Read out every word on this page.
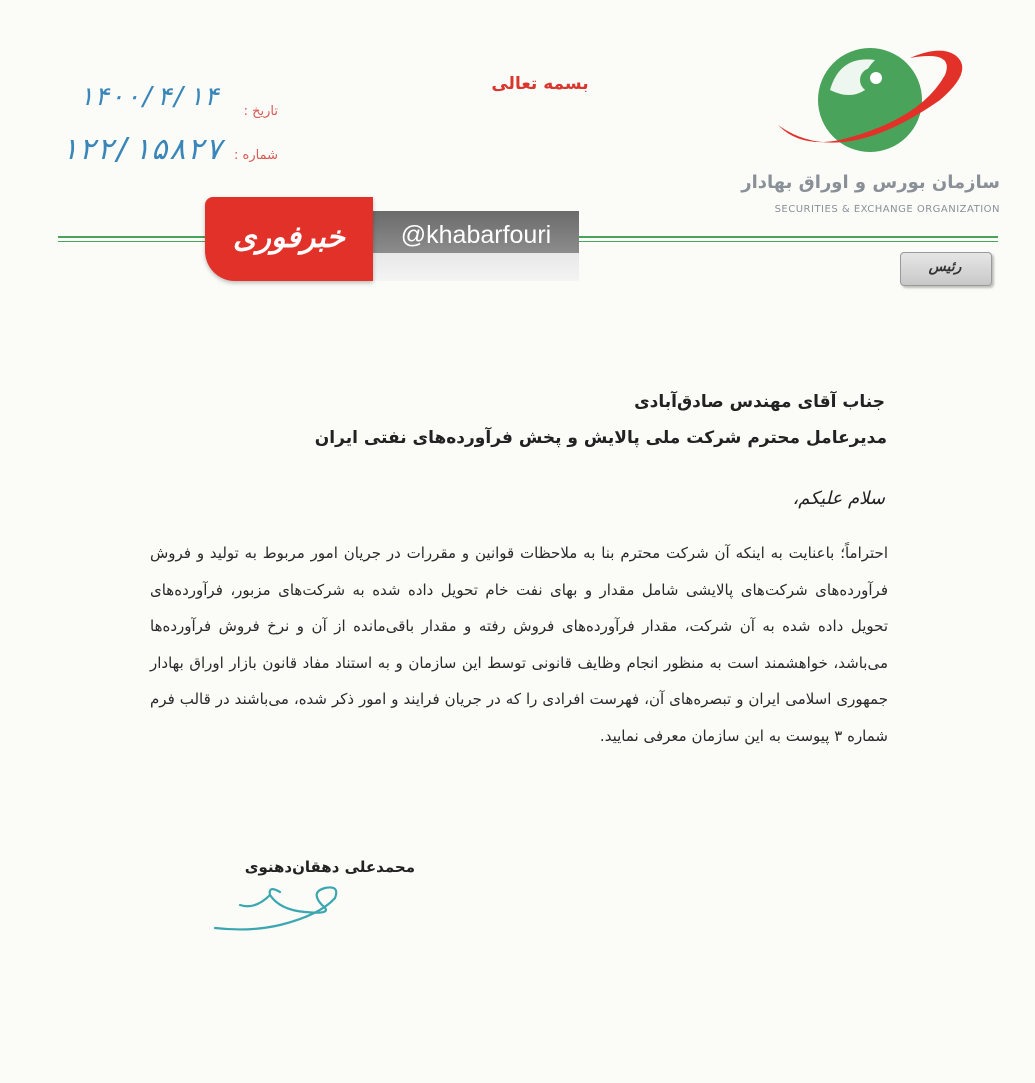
بسمه تعالی
۱۴۰۰/۴/۱۴	تاریخ :
۱۲۲/۱۵۸۲۷ شماره :
سازمان بورس و اوراق بهادار
SECURITIES & EXCHANGE ORGANIZATION
@khabarfouri
خبرفوری
رئیس
جناب آقای مهندس صادق‌آبادی
مدیرعامل محترم شرکت ملی پالایش و پخش فرآورده‌های نفتی ایران
سلام علیکم،

احتراماً؛ باعنایت به اینکه آن شرکت محترم بنا به ملاحظات قوانین و مقررات در جریان امور مربوط به تولید و فروش فرآورده‌های شرکت‌های پالایشی شامل مقدار و بهای نفت خام تحویل داده شده به شرکت‌های مزبور، فرآورده‌های تحویل داده شده به آن شرکت، مقدار فرآورده‌های فروش رفته و مقدار باقی‌مانده از آن و نرخ فروش فرآورده‌ها می‌باشد، خواهشمند است به منظور انجام وظایف قانونی توسط این سازمان و به استناد مفاد قانون بازار اوراق بهادار جمهوری اسلامی ایران و تبصره‌های آن، فهرست افرادی را که در جریان فرایند و امور ذکر شده، می‌باشند در قالب فرم شماره ۳ پیوست به این سازمان معرفی نمایید.

محمدعلی دهقان‌دهنوی
